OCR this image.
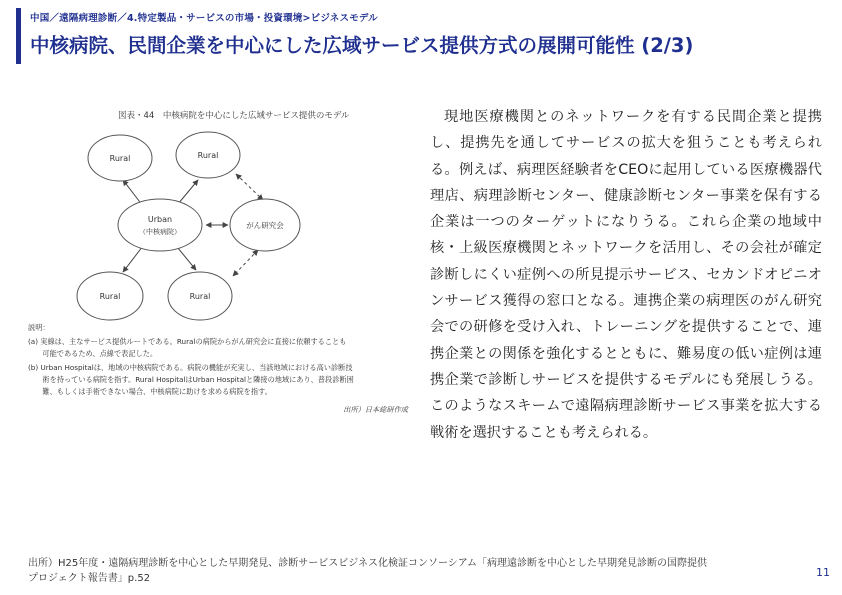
中国／遠隔病理診断／4.特定製品・サービスの市場・投資環境>ビジネスモデル
中核病院、民間企業を中心にした広域サービス提供方式の展開可能性 (2/3)
図表・44　中核病院を中心にした広域サービス提供のモデル
Rural	Rural
Urban
（中核病院）
がん研究会
Rural	Rural
説明：
(a) 実線は、主なサービス提供ルートである。Ruralの病院からがん研究会に直接に依頼することも
　　可能であるため、点線で表記した。
(b) Urban Hospitalは、地域の中核病院である。病院の機能が充実し、当該地域における高い診断技
　　術を持っている病院を指す。Rural HospitalはUrban Hospitalと隣接の地域にあり、普段診断困
　　難、もしくは手術できない場合、中核病院に助けを求める病院を指す。
出所）日本総研作成
現地医療機関とのネットワークを有する民間企業と提携し、提携先を通してサービスの拡大を狙うことも考えられる。例えば、病理医経験者をCEOに起用している医療機器代理店、病理診断センター、健康診断センター事業を保有する企業は一つのターゲットになりうる。これら企業の地域中核・上級医療機関とネットワークを活用し、その会社が確定診断しにくい症例への所見提示サービス、セカンドオピニオンサービス獲得の窓口となる。連携企業の病理医のがん研究会での研修を受け入れ、トレーニングを提供することで、連携企業との関係を強化するとともに、難易度の低い症例は連携企業で診断しサービスを提供するモデルにも発展しうる。このようなスキームで遠隔病理診断サービス事業を拡大する戦術を選択することも考えられる。
出所）H25年度・遠隔病理診断を中心とした早期発見、診断サービスビジネス化検証コンソーシアム「病理遠診断を中心とした早期発見診断の国際提供
プロジェクト報告書」p.52	11
